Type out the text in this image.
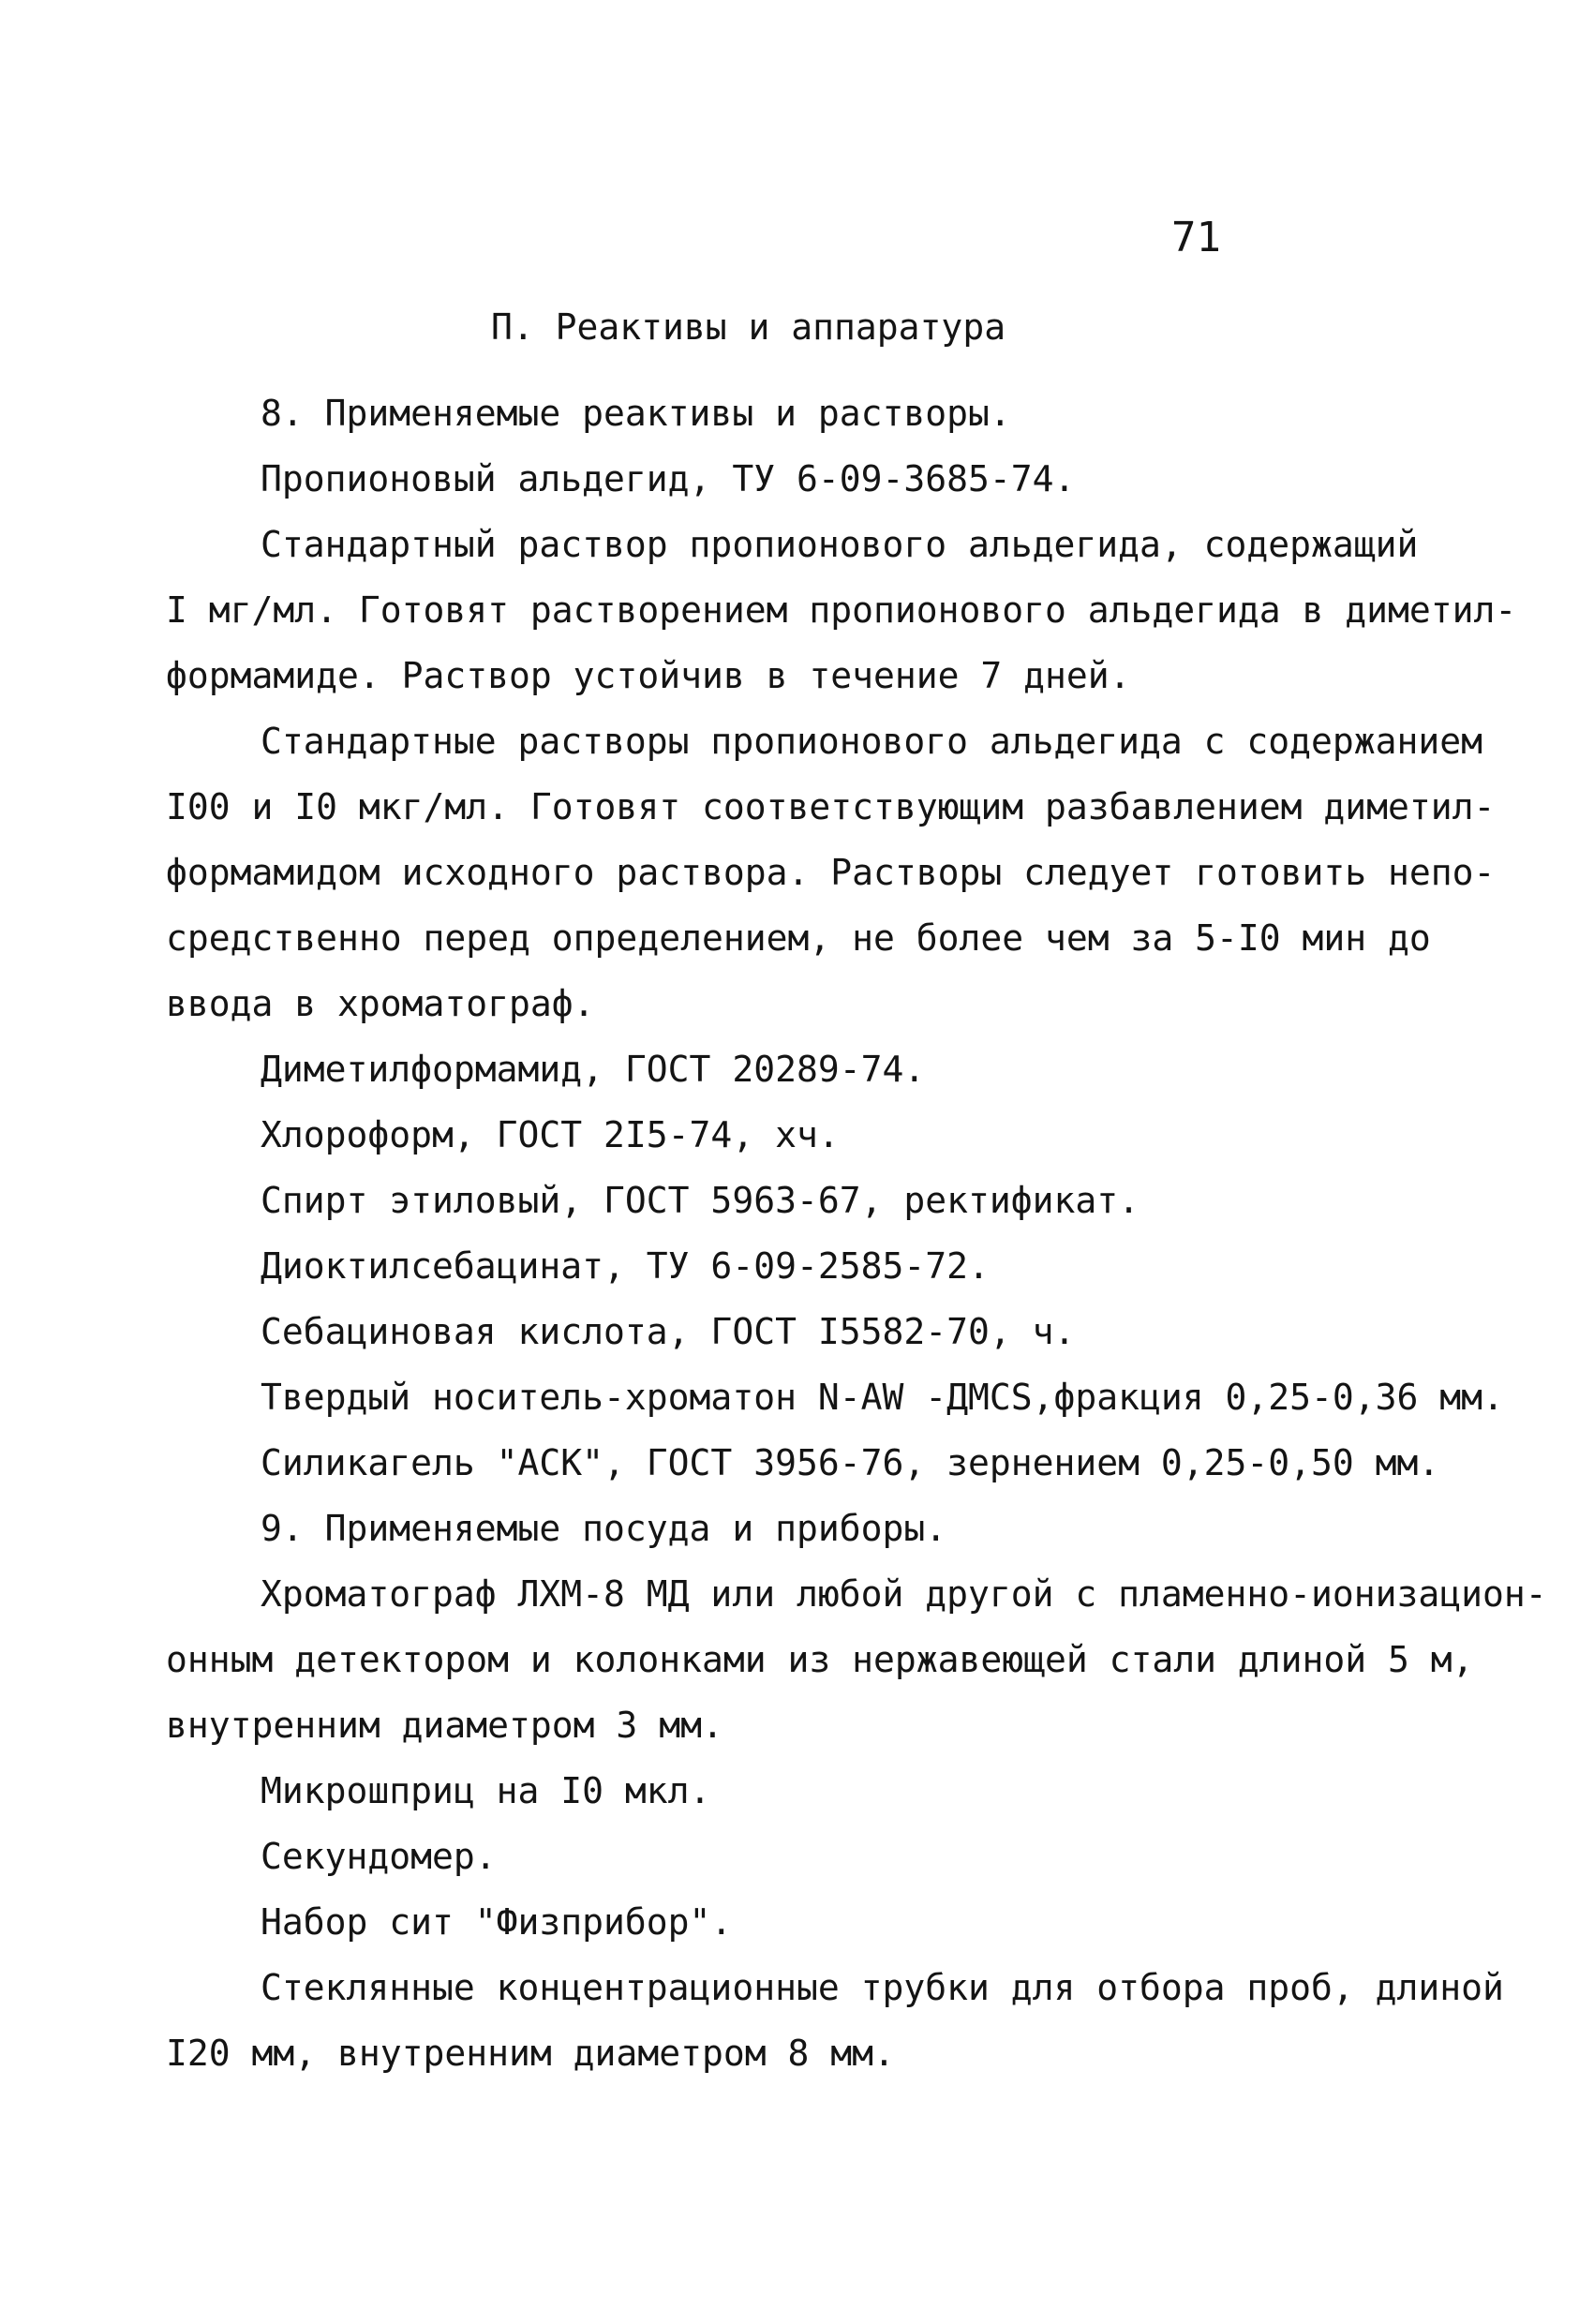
71
П. Реактивы и аппаратура
8. Применяемые реактивы и растворы.
Пропионовый альдегид, ТУ 6-09-3685-74.
Стандартный раствор пропионового альдегида, содержащий
I мг/мл. Готовят растворением пропионового альдегида в диметил-
формамиде. Раствор устойчив в течение 7 дней.
Стандартные растворы пропионового альдегида с содержанием
I00 и I0 мкг/мл. Готовят соответствующим разбавлением диметил-
формамидом исходного раствора. Растворы следует готовить непо-
средственно перед определением, не более чем за 5-I0 мин до
ввода в хроматограф.
Диметилформамид, ГОСТ 20289-74.
Хлороформ, ГОСТ 2I5-74, хч.
Спирт этиловый, ГОСТ 5963-67, ректификат.
Диоктилсебацинат, ТУ 6-09-2585-72.
Себациновая кислота, ГОСТ I5582-70, ч.
Твердый носитель-хроматон N-AW -ДМСS,фракция 0,25-0,36 мм.
Силикагель "АСК", ГОСТ 3956-76, зернением 0,25-0,50 мм.
9. Применяемые посуда и приборы.
Хроматограф ЛХМ-8 МД или любой другой с пламенно-ионизацион-
онным детектором и колонками из нержавеющей стали длиной 5 м,
внутренним диаметром 3 мм.
Микрошприц на I0 мкл.
Секундомер.
Набор сит "Физприбор".
Стеклянные концентрационные трубки для отбора проб, длиной
I20 мм, внутренним диаметром 8 мм.
